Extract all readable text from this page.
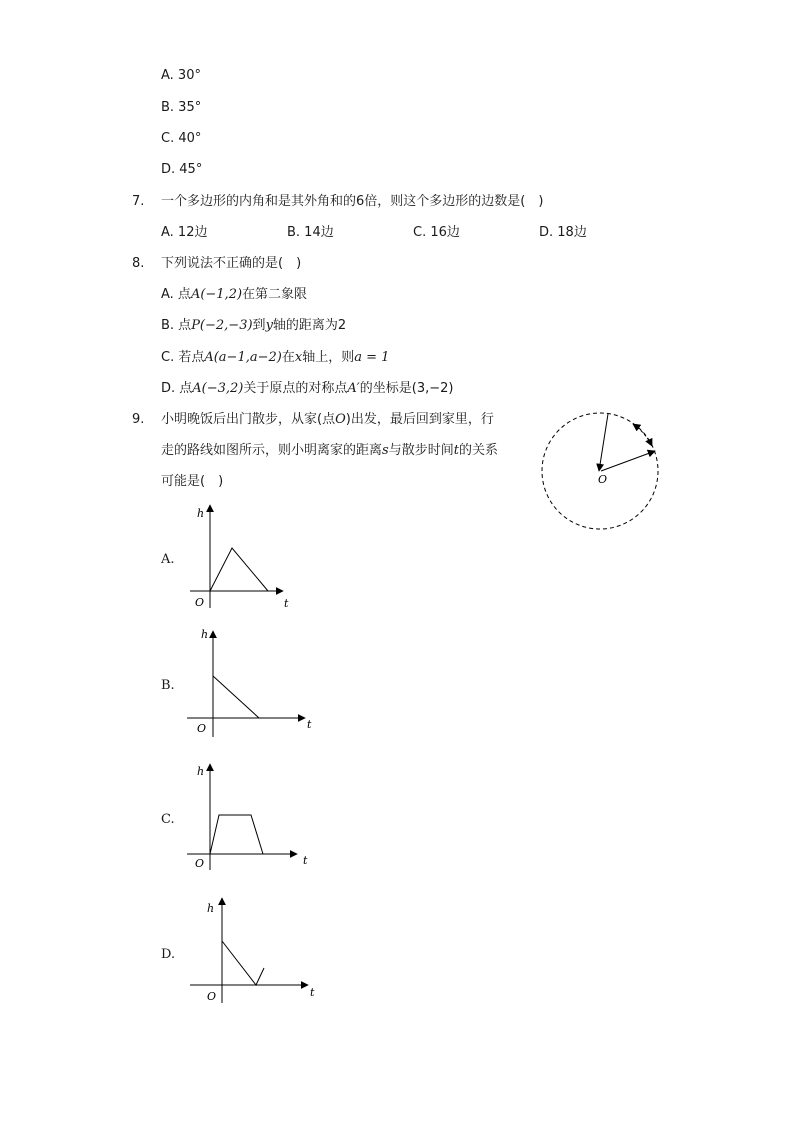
A. 30°
B. 35°
C. 40°
D. 45°
7. 一个多边形的内角和是其外角和的6倍，则这个多边形的边数是(　)
A. 12边	B. 14边	C. 16边	D. 18边
8. 下列说法不正确的是(　)
A. 点A(−1,2)在第二象限
B. 点P(−2,−3)到y轴的距离为2
C. 若点A(a−1,a−2)在x轴上，则a = 1
D. 点A(−3,2)关于原点的对称点A′的坐标是(3,−2)
9. 小明晚饭后出门散步，从家(点O)出发，最后回到家里，行
走的路线如图所示，则小明离家的距离s与散步时间t的关系
可能是(　)	O
A.
B.
C.
D.
h
O	t
h
O	t
h
O	t
h
O	t
